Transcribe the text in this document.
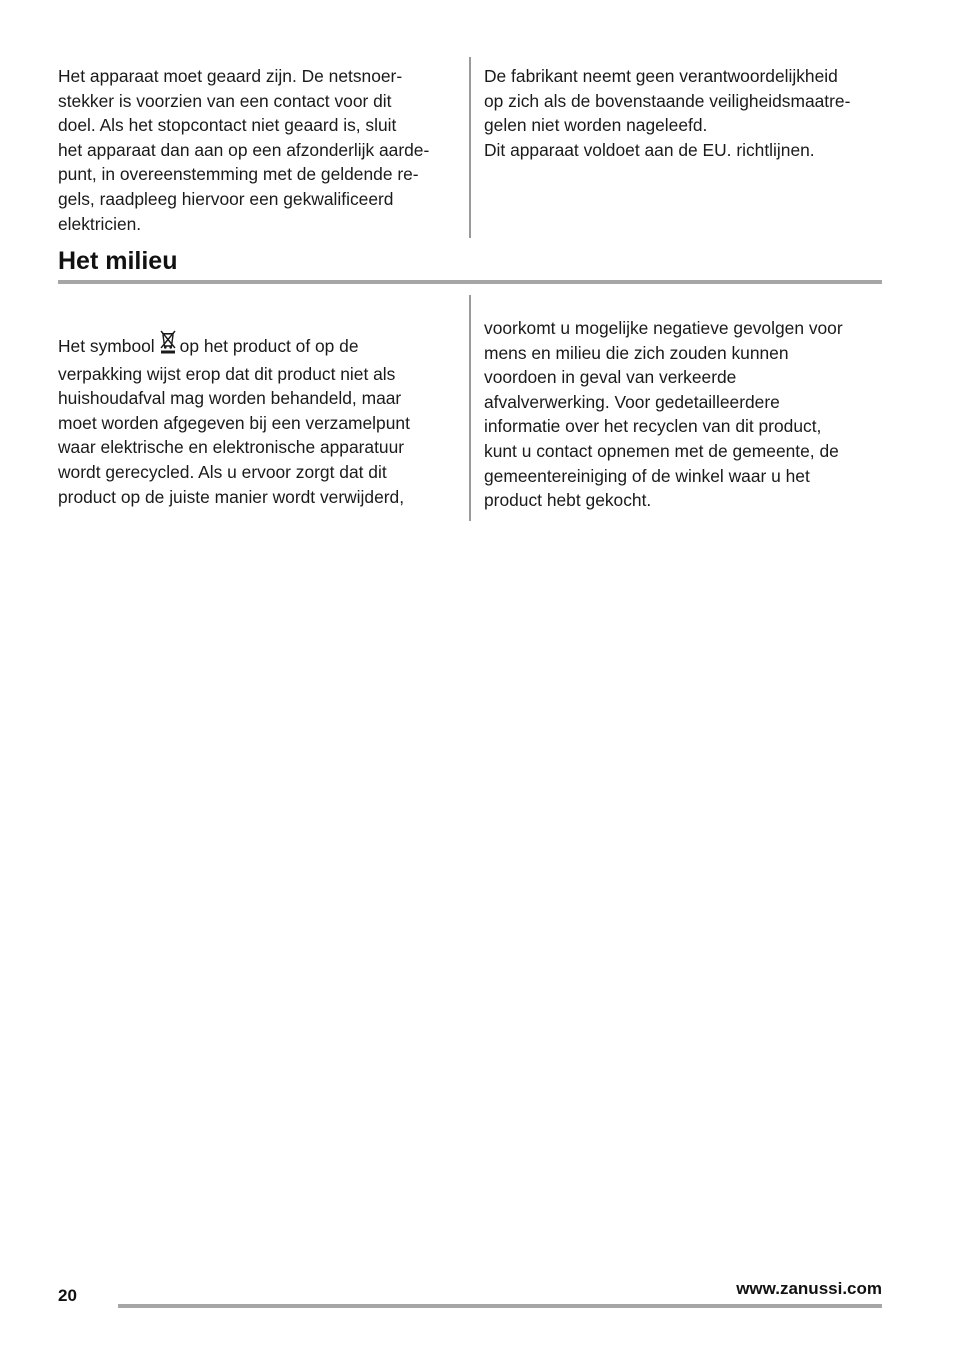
Het apparaat moet geaard zijn. De netsnoer-
stekker is voorzien van een contact voor dit
doel. Als het stopcontact niet geaard is, sluit
het apparaat dan aan op een afzonderlijk aarde-
punt, in overeenstemming met de geldende re-
gels, raadpleeg hiervoor een gekwalificeerd
elektricien.
De fabrikant neemt geen verantwoordelijkheid
op zich als de bovenstaande veiligheidsmaatre-
gelen niet worden nageleefd.
Dit apparaat voldoet aan de EU. richtlijnen.
Het milieu
Het symbool op het product of op de
verpakking wijst erop dat dit product niet als
huishoudafval mag worden behandeld, maar
moet worden afgegeven bij een verzamelpunt
waar elektrische en elektronische apparatuur
wordt gerecycled. Als u ervoor zorgt dat dit
product op de juiste manier wordt verwijderd,
voorkomt u mogelijke negatieve gevolgen voor
mens en milieu die zich zouden kunnen
voordoen in geval van verkeerde
afvalverwerking. Voor gedetailleerdere
informatie over het recyclen van dit product,
kunt u contact opnemen met de gemeente, de
gemeentereiniging of de winkel waar u het
product hebt gekocht.
20	www.zanussi.com
